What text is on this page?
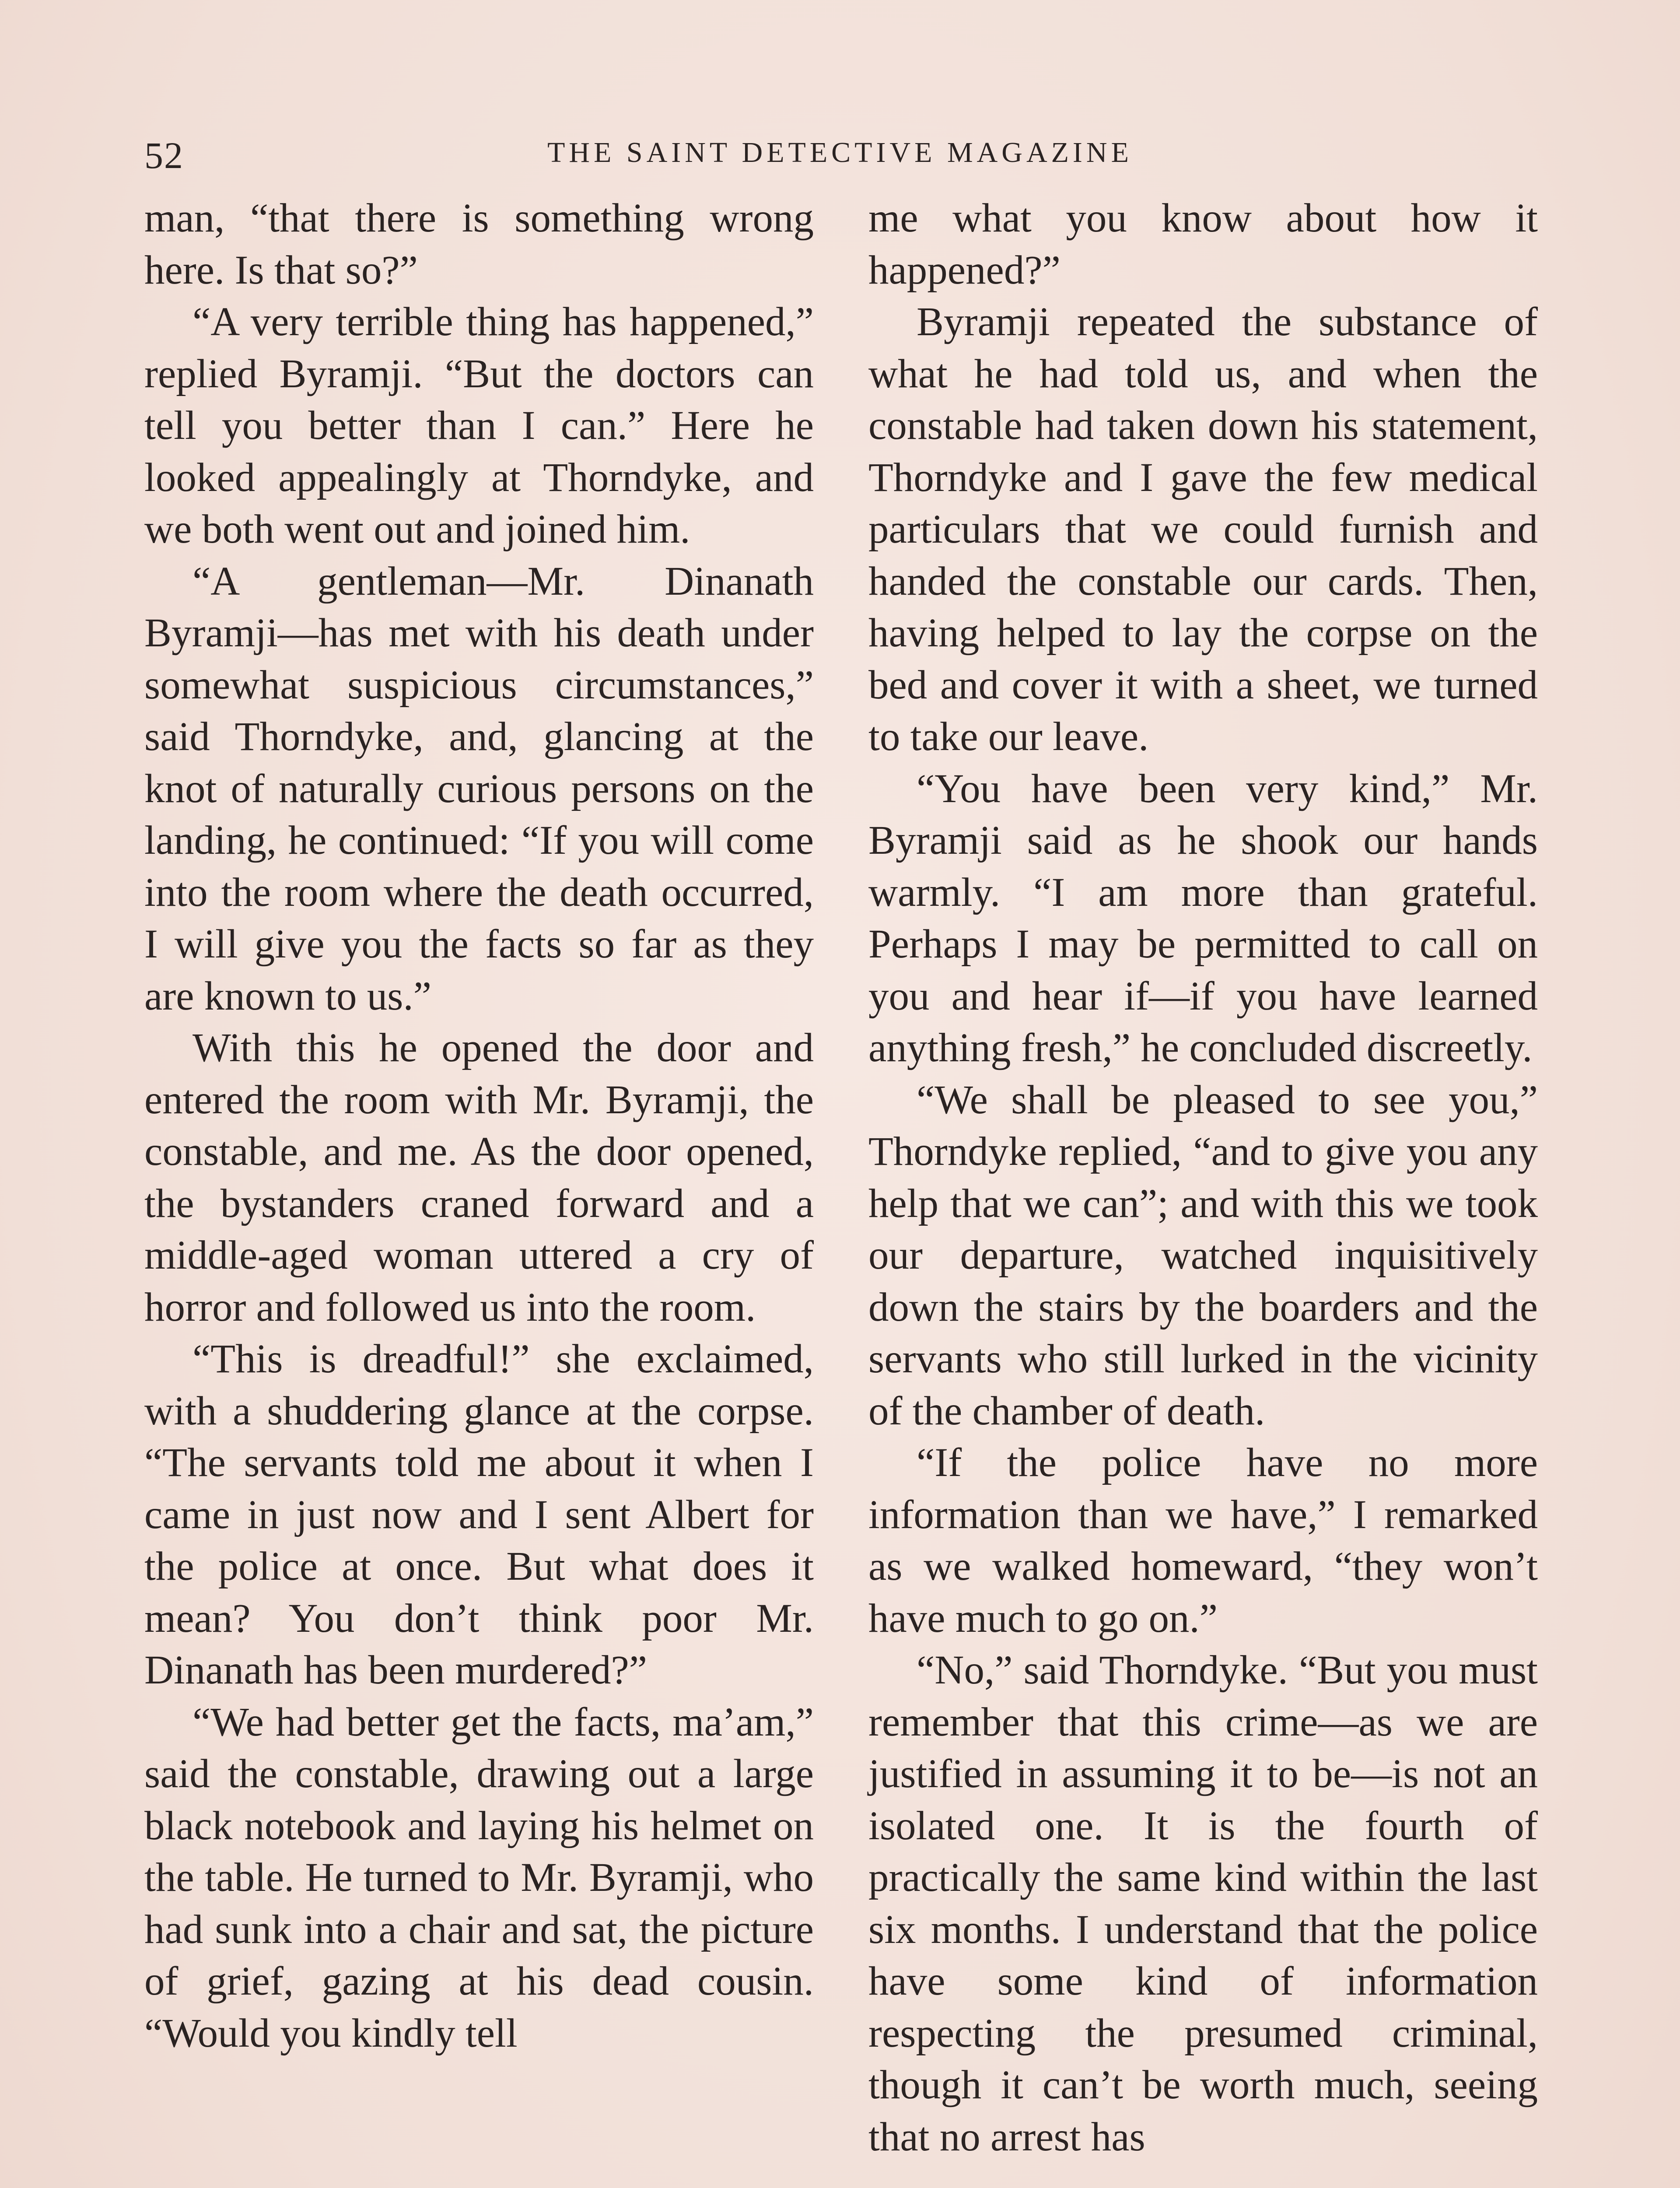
52	THE SAINT DETECTIVE MAGAZINE

man, “that there is something wrong here. Is that so?”

“A very terrible thing has happened,” replied Byramji. “But the doctors can tell you better than I can.” Here he looked appealingly at Thorndyke, and we both went out and joined him.

“A gentleman—Mr. Dinanath Byramji—has met with his death under somewhat suspicious circumstances,” said Thorndyke, and, glancing at the knot of naturally curious persons on the landing, he continued: “If you will come into the room where the death occurred, I will give you the facts so far as they are known to us.”

With this he opened the door and entered the room with Mr. Byramji, the constable, and me. As the door opened, the bystanders craned forward and a middle-aged woman uttered a cry of horror and followed us into the room.

“This is dreadful!” she exclaimed, with a shuddering glance at the corpse. “The servants told me about it when I came in just now and I sent Albert for the police at once. But what does it mean? You don’t think poor Mr. Dinanath has been murdered?”

“We had better get the facts, ma’am,” said the constable, drawing out a large black notebook and laying his helmet on the table. He turned to Mr. Byramji, who had sunk into a chair and sat, the picture of grief, gazing at his dead cousin. “Would you kindly tell

me what you know about how it happened?”

Byramji repeated the substance of what he had told us, and when the constable had taken down his statement, Thorndyke and I gave the few medical particulars that we could furnish and handed the constable our cards. Then, having helped to lay the corpse on the bed and cover it with a sheet, we turned to take our leave.

“You have been very kind,” Mr. Byramji said as he shook our hands warmly. “I am more than grateful. Perhaps I may be permitted to call on you and hear if—if you have learned anything fresh,” he concluded discreetly.

“We shall be pleased to see you,” Thorndyke replied, “and to give you any help that we can”; and with this we took our departure, watched inquisitively down the stairs by the boarders and the servants who still lurked in the vicinity of the chamber of death.

“If the police have no more information than we have,” I remarked as we walked homeward, “they won’t have much to go on.”

“No,” said Thorndyke. “But you must remember that this crime—as we are justified in assuming it to be—is not an isolated one. It is the fourth of practically the same kind within the last six months. I understand that the police have some kind of information respecting the presumed criminal, though it can’t be worth much, seeing that no arrest has
